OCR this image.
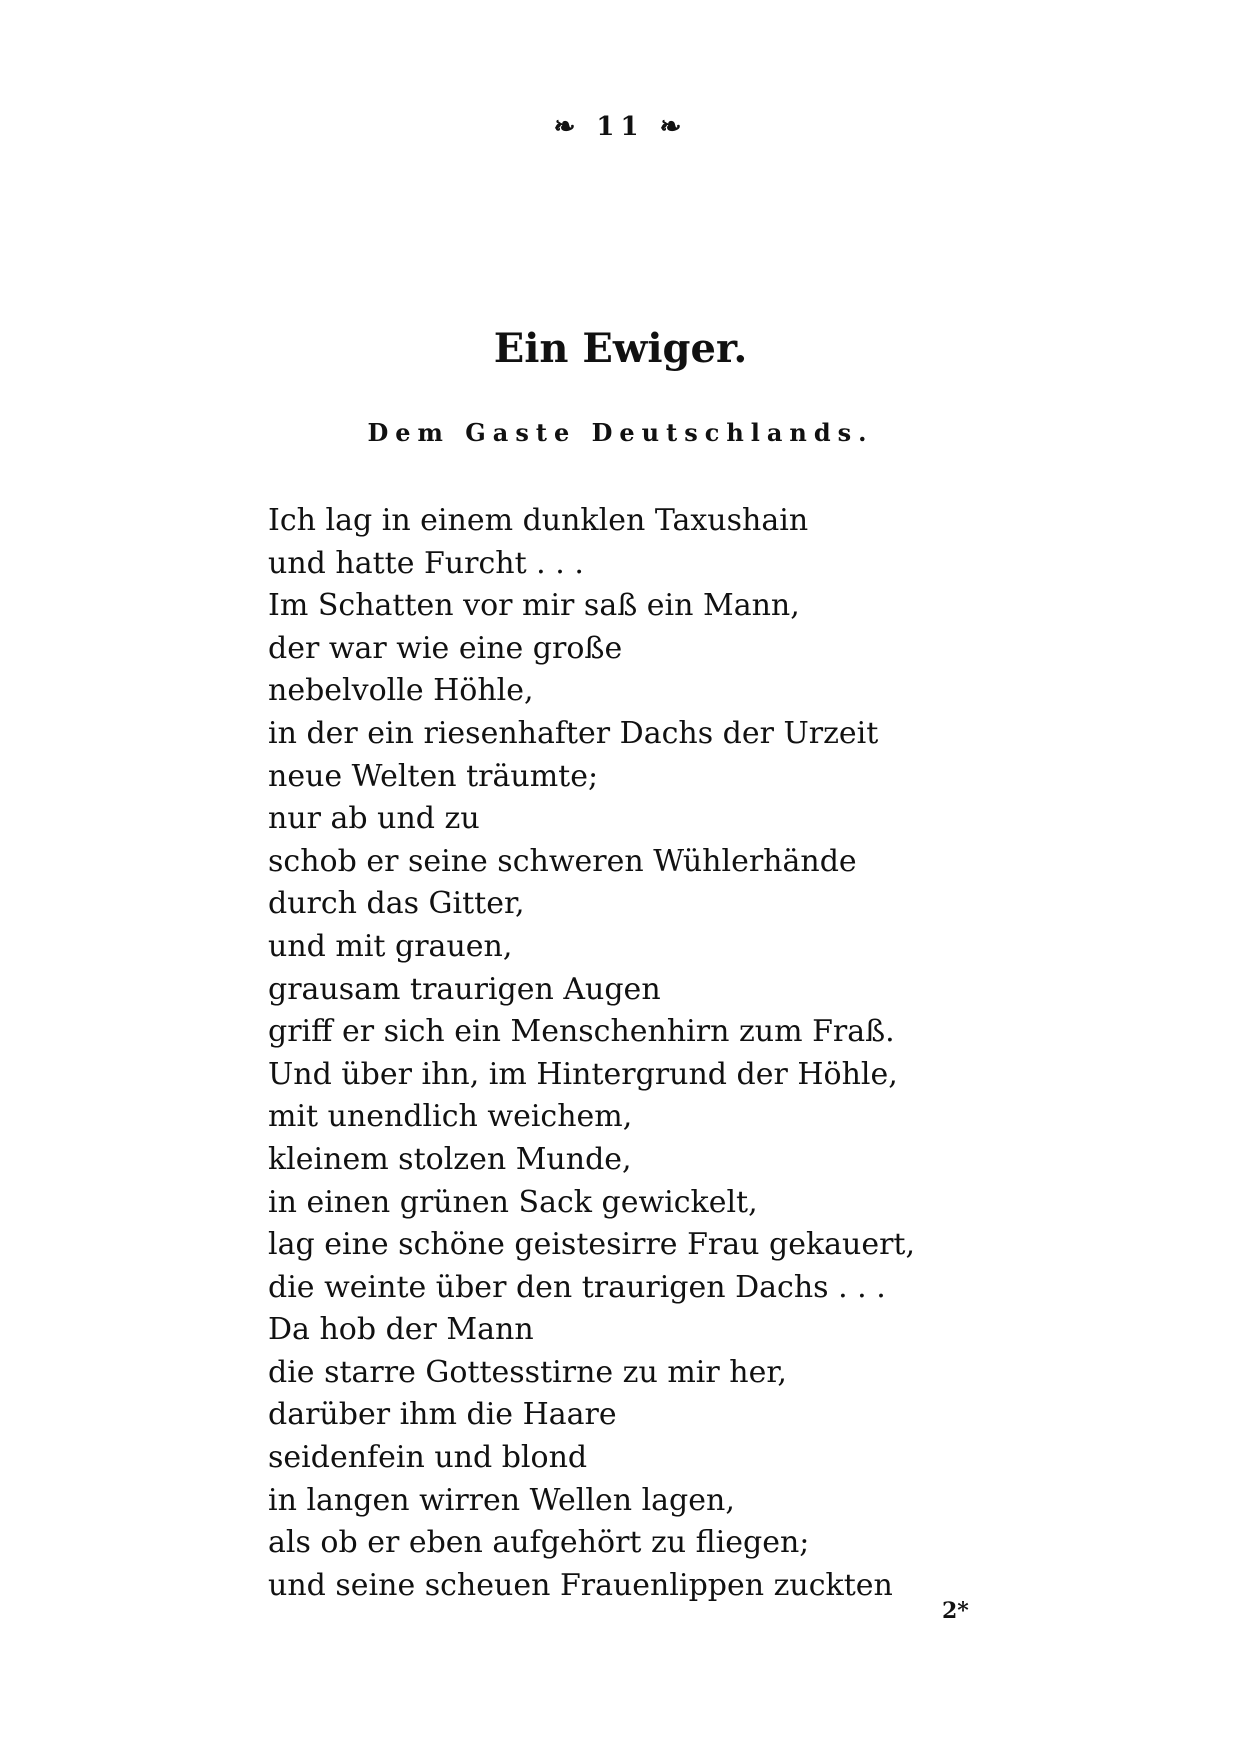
❧ 11 ❧
Ein Ewiger.
Dem Gaste Deutschlands.
Ich lag in einem dunklen Taxushain
und hatte Furcht . . .
Im Schatten vor mir saß ein Mann,
der war wie eine große
nebelvolle Höhle,
in der ein riesenhafter Dachs der Urzeit
neue Welten träumte;
nur ab und zu
schob er seine schweren Wühlerhände
durch das Gitter,
und mit grauen,
grausam traurigen Augen
griff er sich ein Menschenhirn zum Fraß.
Und über ihn, im Hintergrund der Höhle,
mit unendlich weichem,
kleinem stolzen Munde,
in einen grünen Sack gewickelt,
lag eine schöne geistesirre Frau gekauert,
die weinte über den traurigen Dachs . . .
Da hob der Mann
die starre Gottesstirne zu mir her,
darüber ihm die Haare
seidenfein und blond
in langen wirren Wellen lagen,
als ob er eben aufgehört zu fliegen;
und seine scheuen Frauenlippen zuckten
2*
